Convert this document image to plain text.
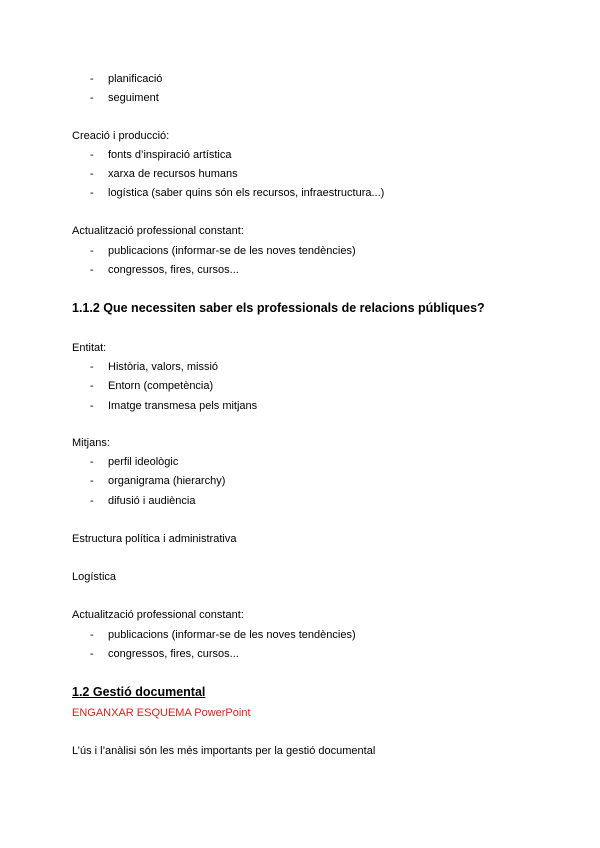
- planificació
- seguiment
Creació i producció:
- fonts d’inspiració artística
- xarxa de recursos humans
- logística (saber quins són els recursos, infraestructura...)
Actualització professional constant:
- publicacions (informar-se de les noves tendències)
- congressos, fires, cursos...
1.1.2 Que necessiten saber els professionals de relacions públiques?
Entitat:
- Història, valors, missió
- Entorn (competència)
- Imatge transmesa pels mitjans
Mitjans:
- perfil ideològic
- organigrama (hierarchy)
- difusió i audiència
Estructura política i administrativa
Logística
Actualització professional constant:
- publicacions (informar-se de les noves tendències)
- congressos, fires, cursos...
1.2 Gestió documental
ENGANXAR ESQUEMA PowerPoint
L’ús i l’anàlisi són les més importants per la gestió documental
